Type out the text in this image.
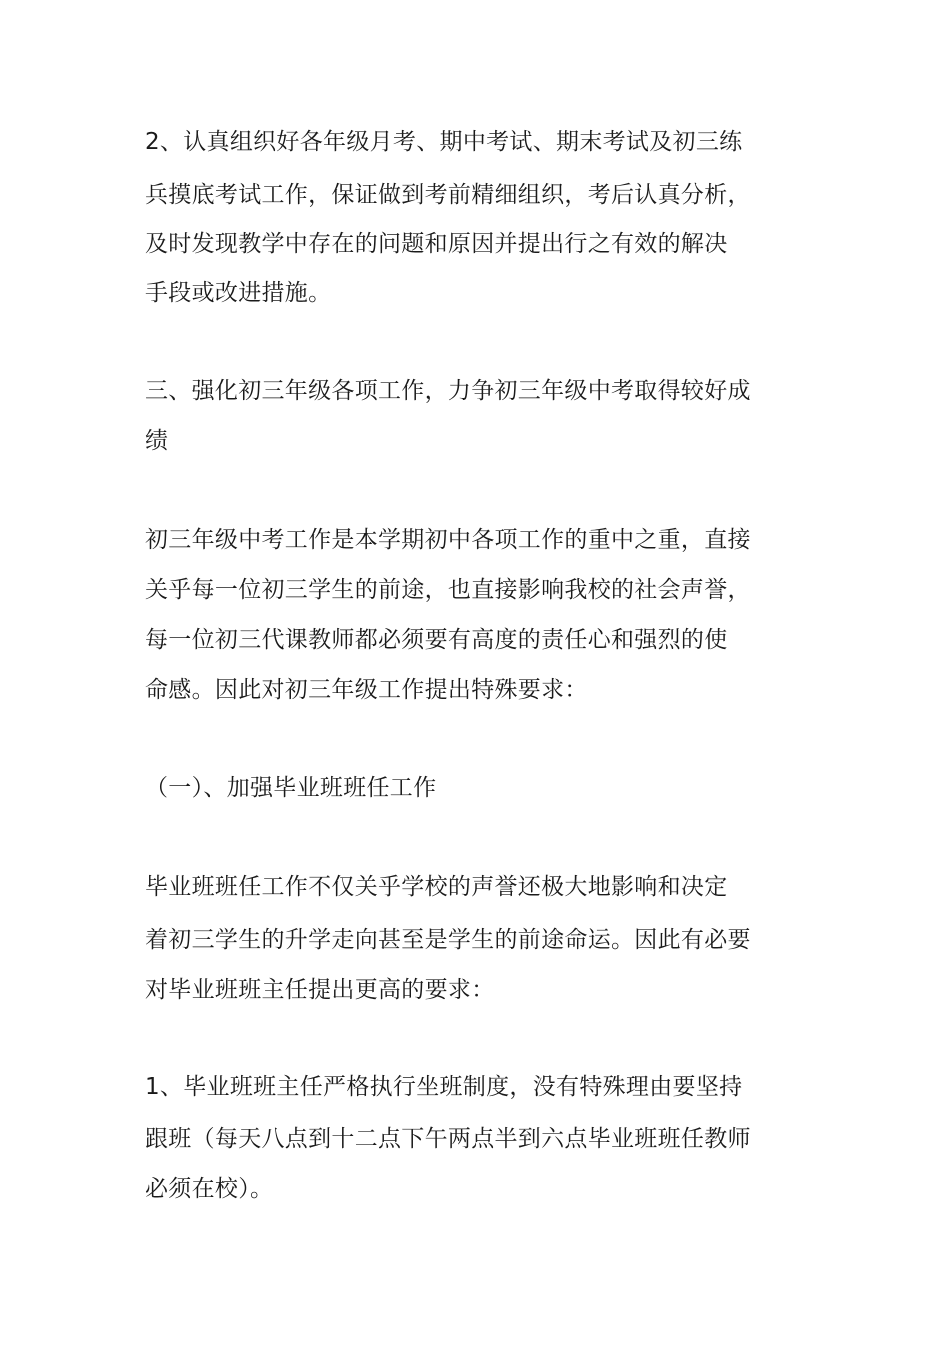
2、认真组织好各年级月考、期中考试、期末考试及初三练
兵摸底考试工作，保证做到考前精细组织，考后认真分析，
及时发现教学中存在的问题和原因并提出行之有效的解决
手段或改进措施。
三、强化初三年级各项工作，力争初三年级中考取得较好成
绩
初三年级中考工作是本学期初中各项工作的重中之重，直接
关乎每一位初三学生的前途，也直接影响我校的社会声誉，
每一位初三代课教师都必须要有高度的责任心和强烈的使
命感。因此对初三年级工作提出特殊要求：
（一）、加强毕业班班任工作
毕业班班任工作不仅关乎学校的声誉还极大地影响和决定
着初三学生的升学走向甚至是学生的前途命运。因此有必要
对毕业班班主任提出更高的要求：
1、毕业班班主任严格执行坐班制度，没有特殊理由要坚持
跟班（每天八点到十二点下午两点半到六点毕业班班任教师
必须在校）。
